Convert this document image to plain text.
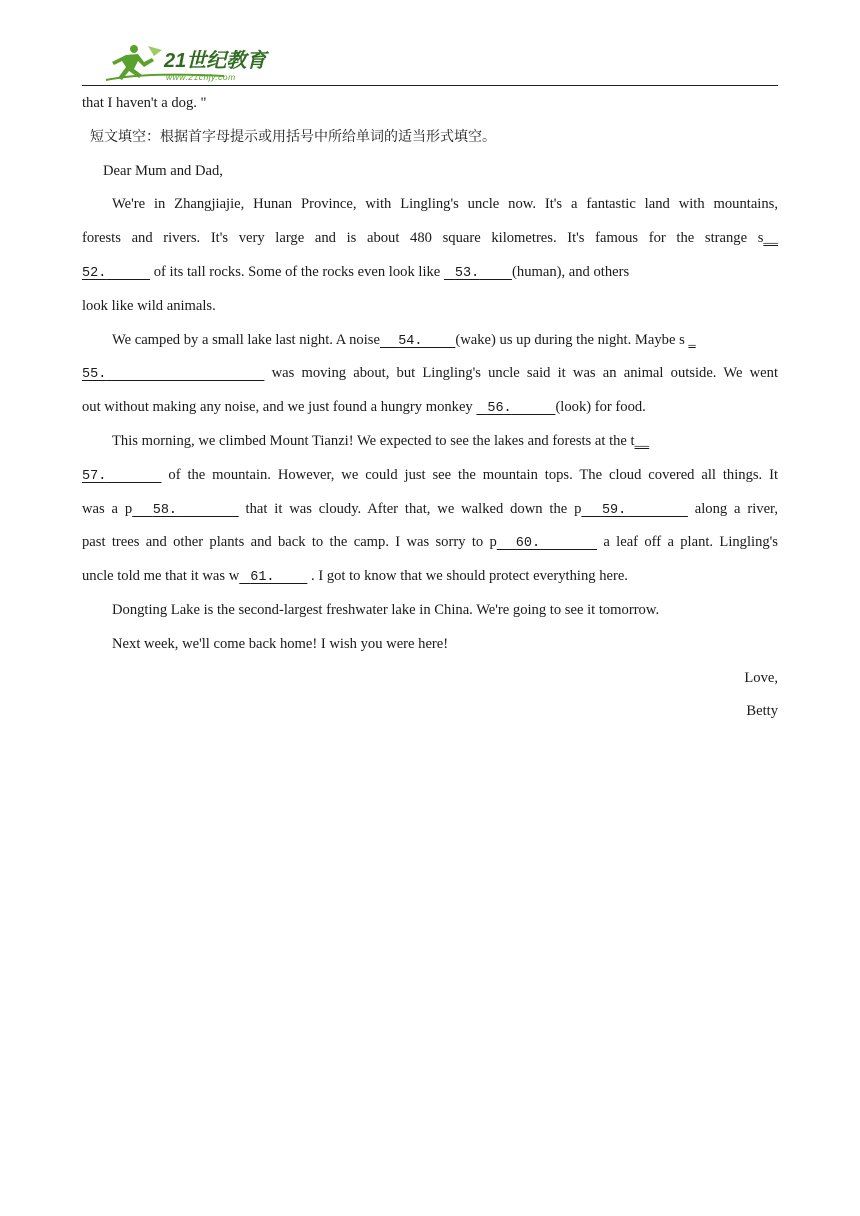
21世纪教育
www.21cnjy.com
that I haven't a dog. "
短文填空：根据首字母提示或用括号中所给单词的适当形式填空。
Dear Mum and Dad,
We're in Zhangjiajie, Hunan Province, with Lingling's uncle now. It's a fantastic land with mountains,
forests and rivers. It's very large and is about 480 square kilometres. It's famous for the strange s__
52.	of its tall rocks. Some of the rocks even look like    53. (human), and others
look like wild animals.
We camped by a small lake last night. A noise 54. (wake) us up during the night. Maybe s _
55.	was moving about, but Lingling's uncle said it was an animal outside. We went
out without making any noise, and we just found a hungry monkey    56.	(look) for food.
This morning, we climbed Mount Tianzi! We expected to see the lakes and forests at the t__
57.	of the mountain. However, we could just see the mountain tops. The cloud covered all things. It
was a p 58.	that it was cloudy. After that, we walked down the p 59.	along a river,
past trees and other plants and back to the camp. I was sorry to p 60.	a leaf off a plant. Lingling's
uncle told me that it was w 61.          . I got to know that we should protect everything here.
Dongting Lake is the second-largest freshwater lake in China. We're going to see it tomorrow.
Next week, we'll come back home! I wish you were here!
Love,
Betty
